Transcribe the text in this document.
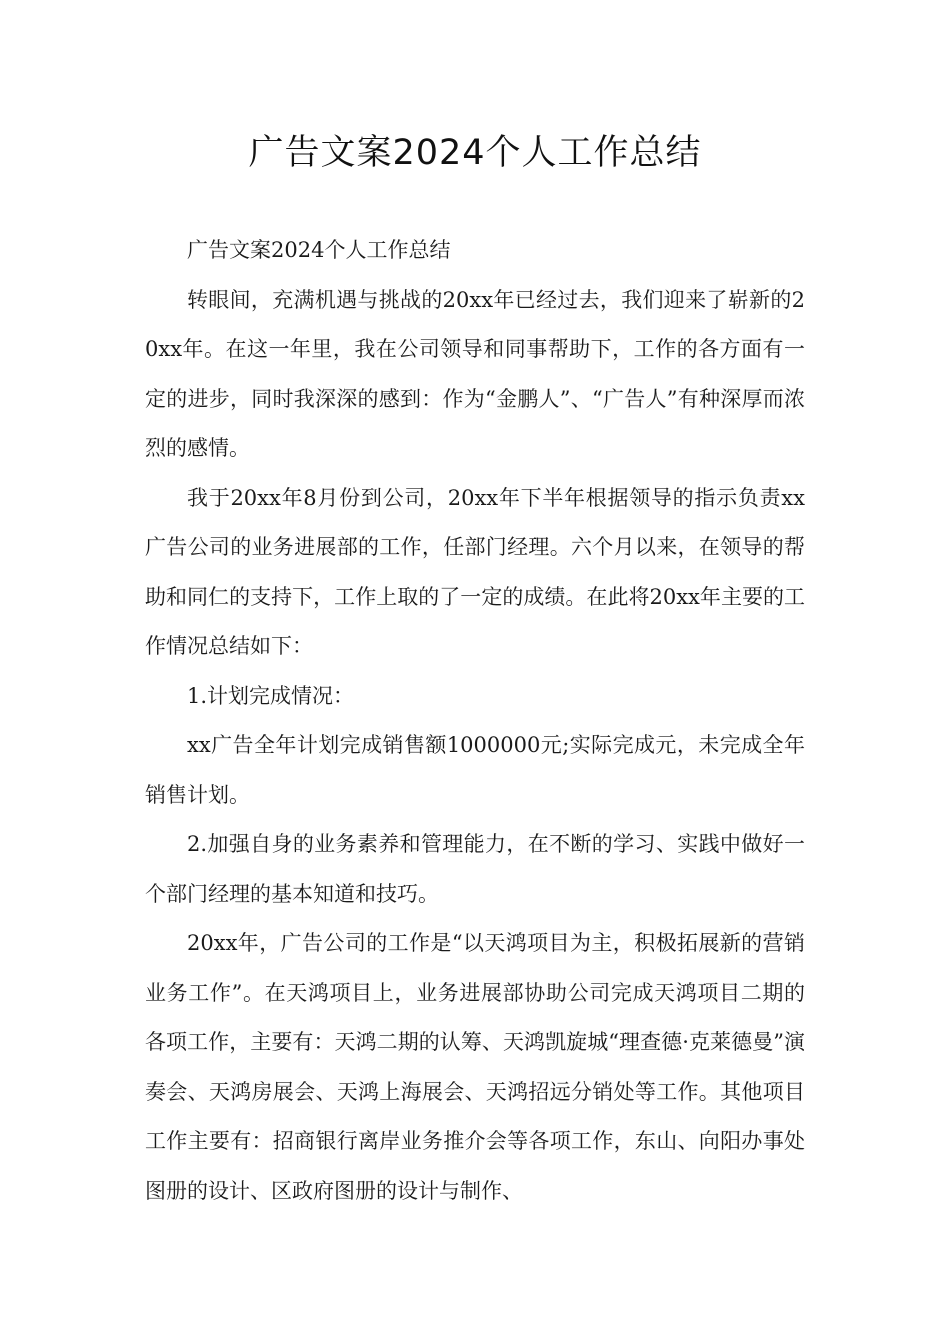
广告文案2024个人工作总结

广告文案2024个人工作总结

转眼间，充满机遇与挑战的20xx年已经过去，我们迎来了崭新的20xx年。在这一年里，我在公司领导和同事帮助下，工作的各方面有一定的进步，同时我深深的感到：作为“金鹏人”、“广告人”有种深厚而浓烈的感情。

我于20xx年8月份到公司，20xx年下半年根据领导的指示负责xx广告公司的业务进展部的工作，任部门经理。六个月以来，在领导的帮助和同仁的支持下，工作上取的了一定的成绩。在此将20xx年主要的工作情况总结如下：

1.计划完成情况：

xx广告全年计划完成销售额1000000元;实际完成元，未完成全年销售计划。

2.加强自身的业务素养和管理能力，在不断的学习、实践中做好一个部门经理的基本知道和技巧。

20xx年，广告公司的工作是“以天鸿项目为主，积极拓展新的营销业务工作”。在天鸿项目上，业务进展部协助公司完成天鸿项目二期的各项工作，主要有：天鸿二期的认筹、天鸿凯旋城“理查德·克莱德曼”演奏会、天鸿房展会、天鸿上海展会、天鸿招远分销处等工作。其他项目工作主要有：招商银行离岸业务推介会等各项工作，东山、向阳办事处图册的设计、区政府图册的设计与制作、
